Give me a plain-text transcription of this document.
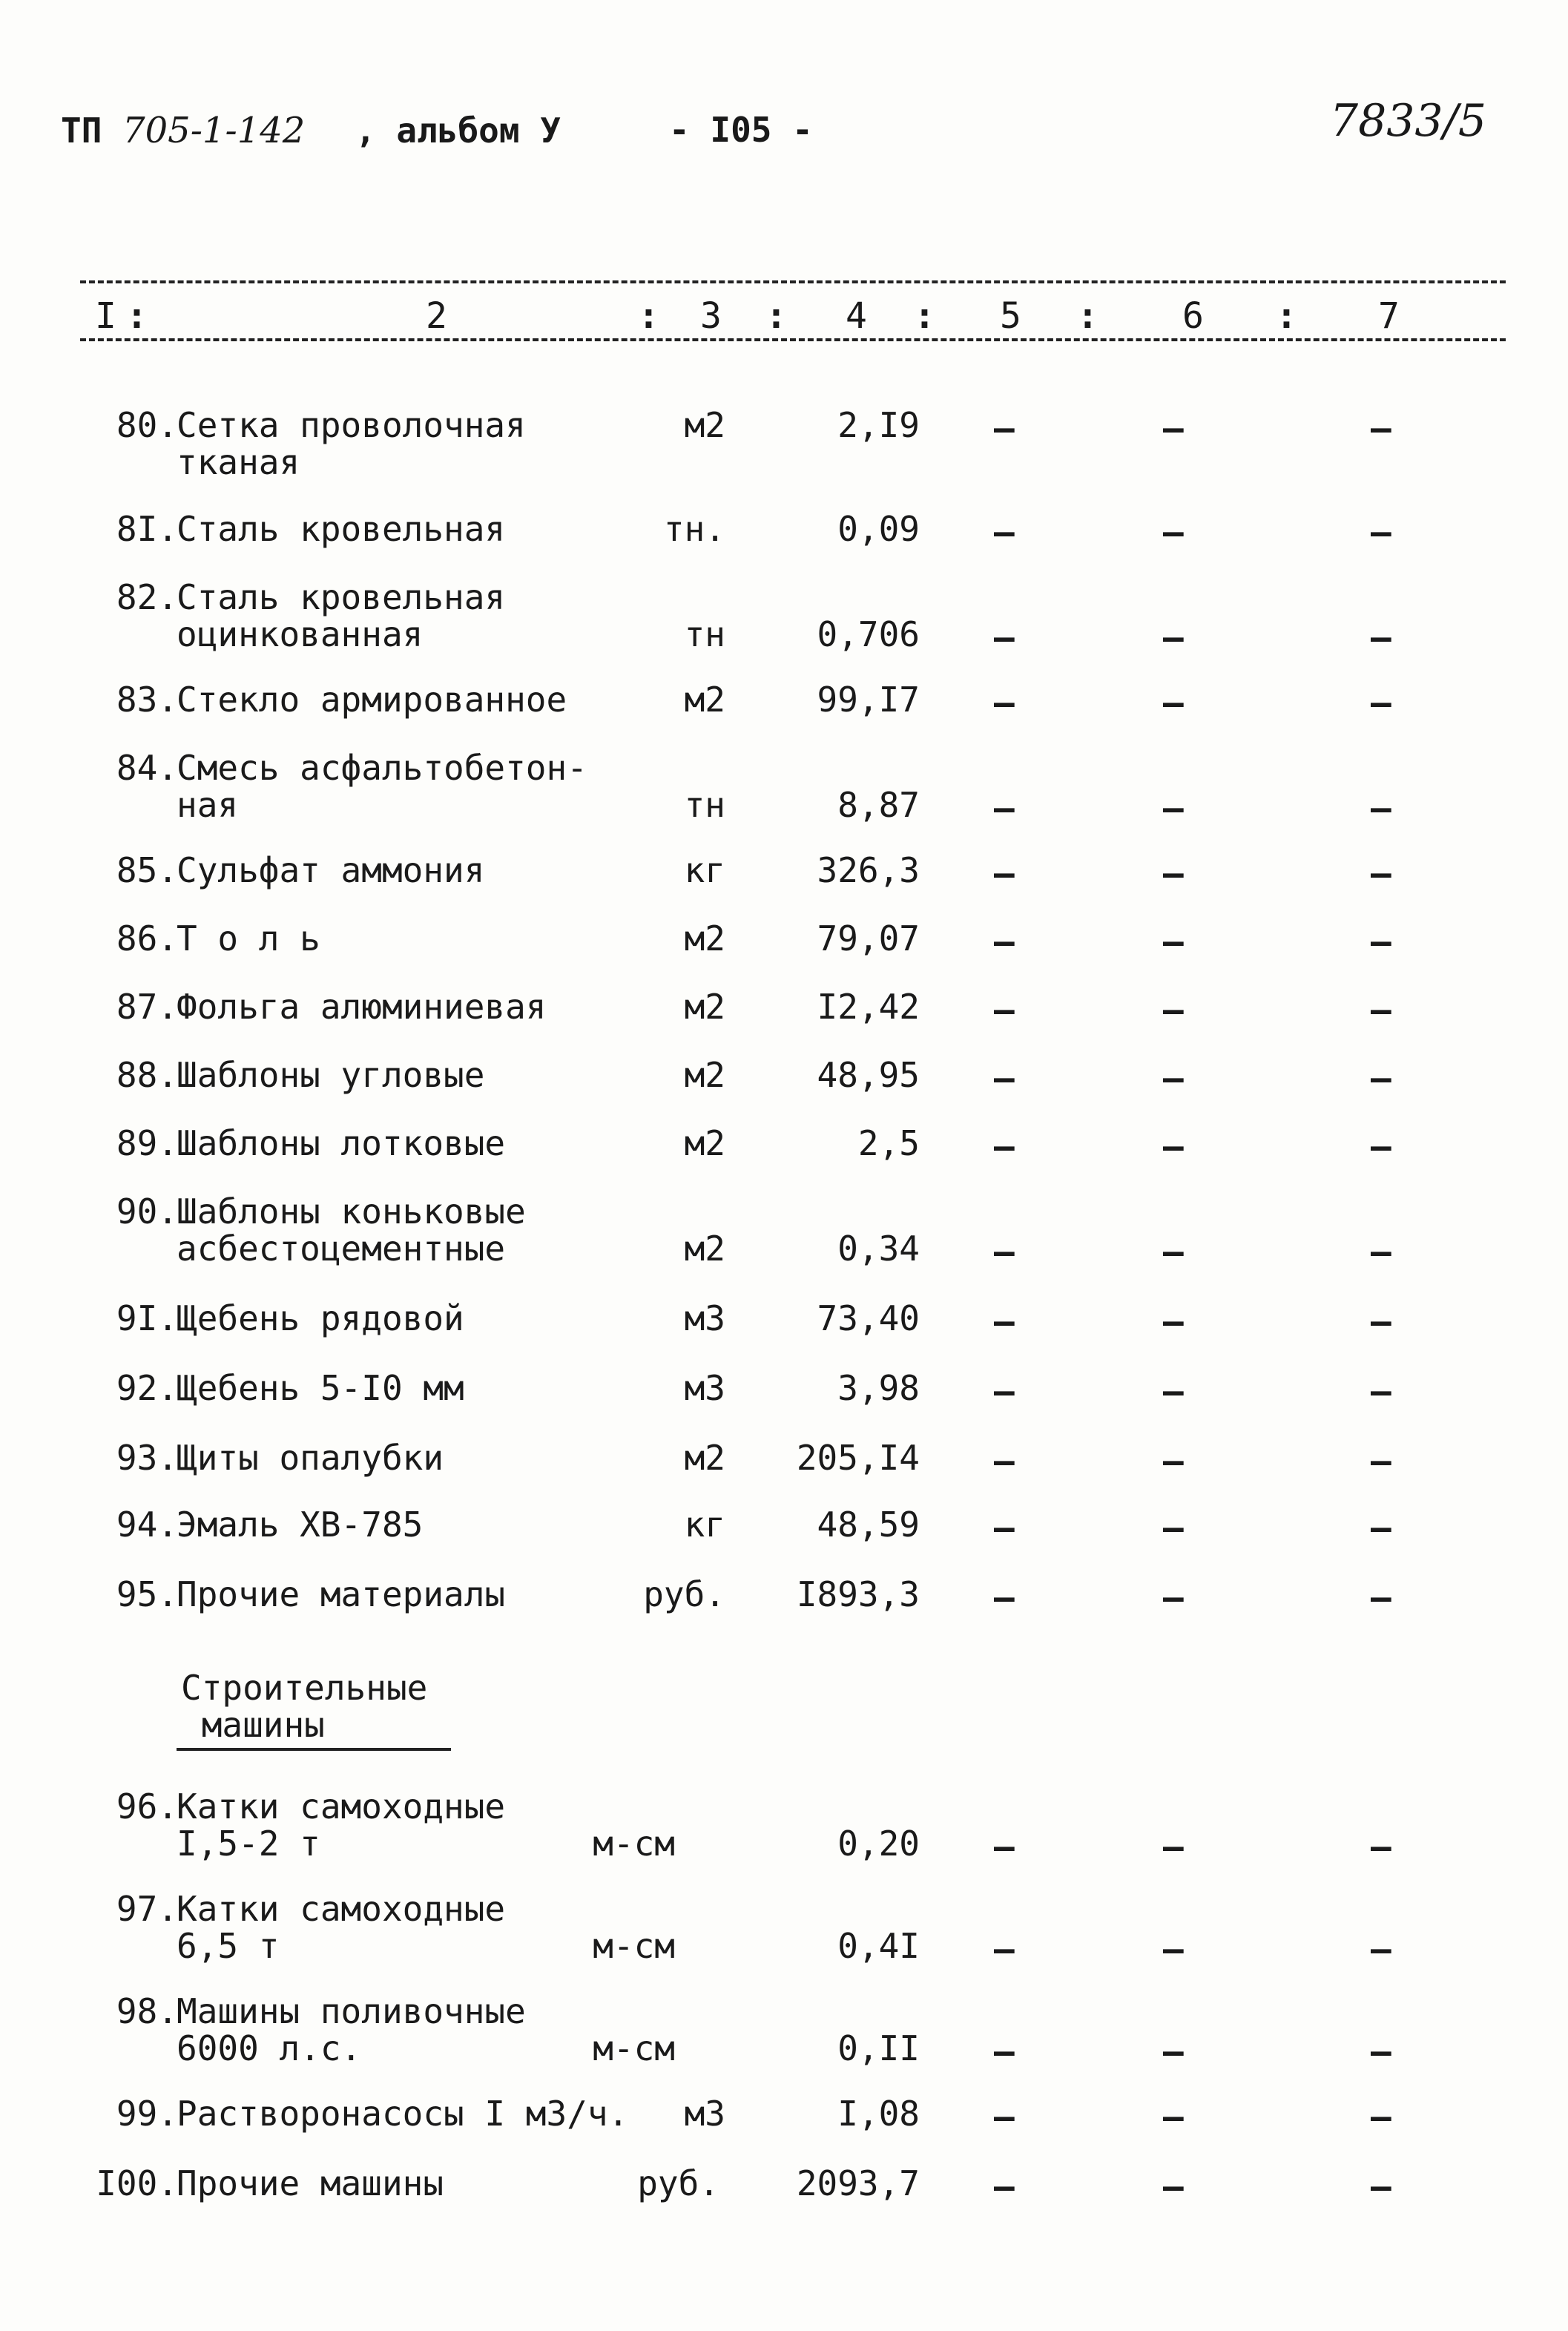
ТП 705-1-142 , альбом У	- I05 -	7833/5
I :	2	: 3 : 4 : 5 : 6 : 7
80.
Сетка проволочная
тканая
м2	2,I9 –	–	–
8I.
Сталь кровельная	тн.	0,09 –	–	–
82.
Сталь кровельная
оцинкованная	тн	0,706 –	–	–
83.
Стекло армированное	м2	99,I7 –	–	–
84.
Смесь асфальтобетон-
ная	тн	8,87 –	–	–
85.
Сульфат аммония	кг	326,3 –	–	–
86.
Т о л ь	м2	79,07 –	–	–
87.
Фольга алюминиевая	м2	I2,42 –	–	–
88.
Шаблоны угловые	м2	48,95 –	–	–
89.
Шаблоны лотковые	м2	2,5 –	–	–
90.
Шаблоны коньковые
асбестоцементные	м2	0,34 –	–	–
9I.
Щебень рядовой	м3	73,40 –	–	–
92.
Щебень 5-I0 мм	м3	3,98 –	–	–
93.
Щиты опалубки	м2	205,I4 –	–	–
94.
Эмаль ХВ-785	кг	48,59 –	–	–
95.
Прочие материалы	руб.	I893,3 –	–	–
96.
Катки самоходные
I,5-2 т	м-см	0,20 –	–	–
97.
Катки самоходные
6,5 т	м-см	0,4I –	–	–
98.
Машины поливочные
6000 л.с.	м-см	0,II –	–	–
99.
Растворонасосы I м3/ч.	м3	I,08 –	–	–
I00.
Прочие машины	руб.	2093,7 –	–	–
Строительные
машины
